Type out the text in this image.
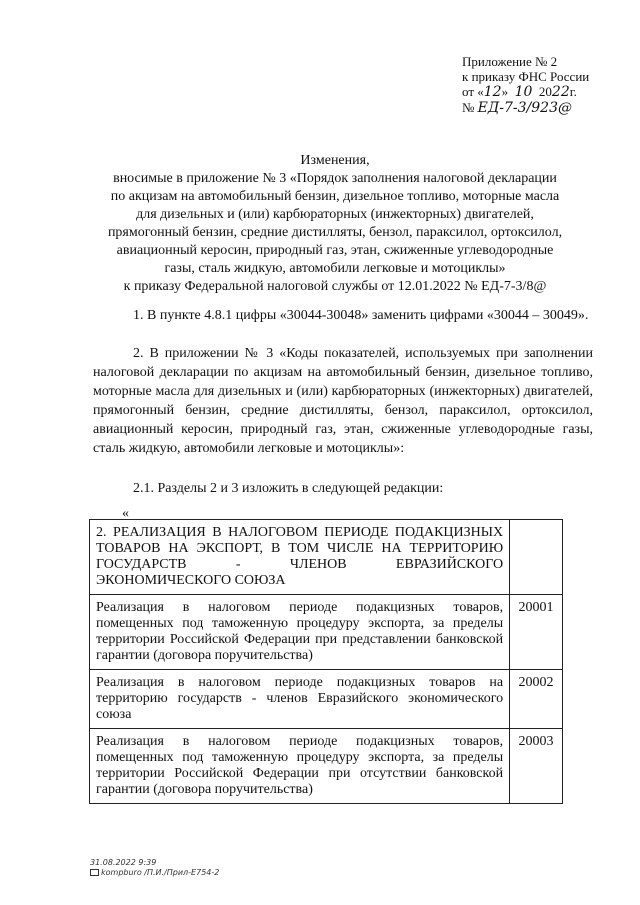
Приложение № 2
к приказу ФНС России
от «12»  10 2022г.
№ ЕД-7-3/923@
Изменения,
вносимые в приложение № 3 «Порядок заполнения налоговой декларации
по акцизам на автомобильный бензин, дизельное топливо, моторные масла
для дизельных и (или) карбюраторных (инжекторных) двигателей,
прямогонный бензин, средние дистилляты, бензол, параксилол, ортоксилол,
авиационный керосин, природный газ, этан, сжиженные углеводородные
газы, сталь жидкую, автомобили легковые и мотоциклы»
к приказу Федеральной налоговой службы от 12.01.2022 № ЕД-7-3/8@
1. В пункте 4.8.1 цифры «30044-30048» заменить цифрами «30044 – 30049».
2. В приложении № 3 «Коды показателей, используемых при заполнении налоговой декларации по акцизам на автомобильный бензин, дизельное топливо, моторные масла для дизельных и (или) карбюраторных (инжекторных) двигателей, прямогонный бензин, средние дистилляты, бензол, параксилол, ортоксилол, авиационный керосин, природный газ, этан, сжиженные углеводородные газы, сталь жидкую, автомобили легковые и мотоциклы»:
2.1. Разделы 2 и 3 изложить в следующей редакции:
«
2. РЕАЛИЗАЦИЯ В НАЛОГОВОМ ПЕРИОДЕ ПОДАКЦИЗНЫХ ТОВАРОВ НА ЭКСПОРТ, В ТОМ ЧИСЛЕ НА ТЕРРИТОРИЮ ГОСУДАРСТВ - ЧЛЕНОВ ЕВРАЗИЙСКОГО ЭКОНОМИЧЕСКОГО СОЮЗА	
Реализация в налоговом периоде подакцизных товаров, помещенных под таможенную процедуру экспорта, за пределы территории Российской Федерации при представлении банковской гарантии (договора поручительства)	20001
Реализация в налоговом периоде подакцизных товаров на территорию государств - членов Евразийского экономического союза	20002
Реализация в налоговом периоде подакцизных товаров, помещенных под таможенную процедуру экспорта, за пределы территории Российской Федерации при отсутствии банковской гарантии (договора поручительства)	20003
31.08.2022 9:39
kompburo /П.И./Прил-Е754-2
